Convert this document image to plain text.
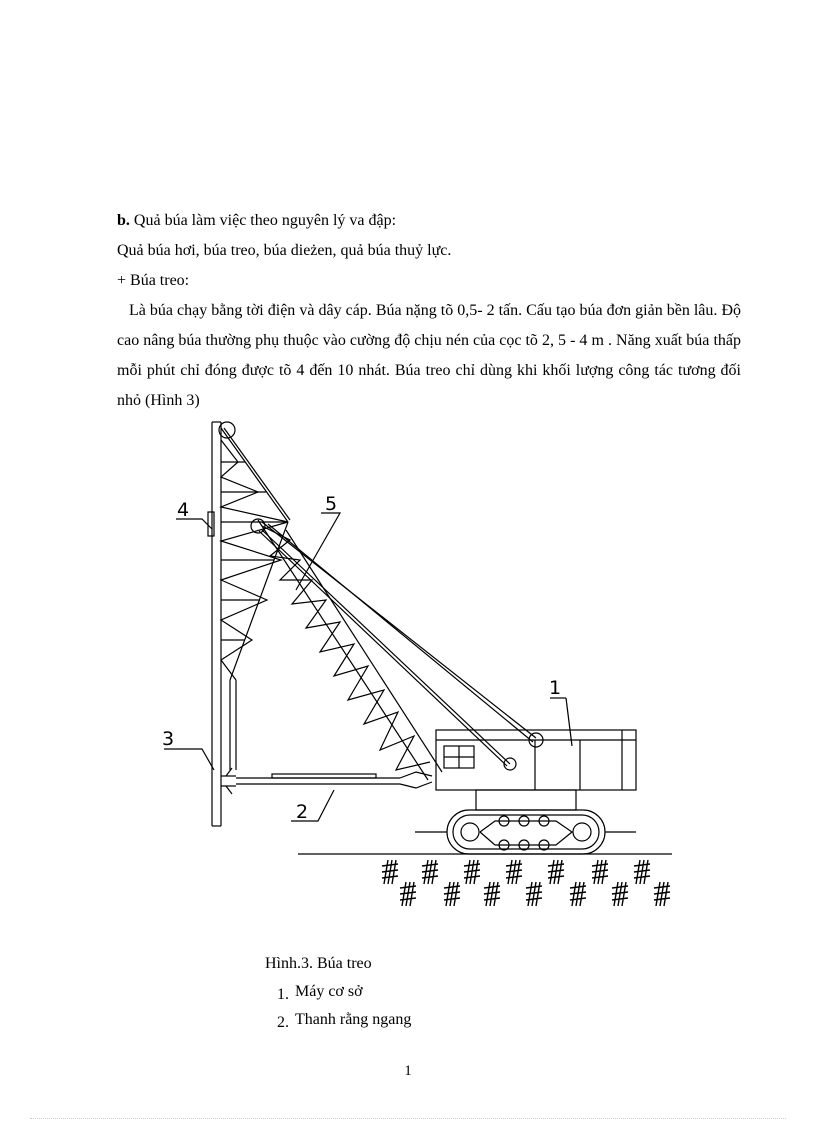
b. Quả búa làm việc theo nguyên lý va đập:

Quả búa hơi, búa treo, búa dieżen, quả búa thuỷ lực.

+ Búa treo:

Là búa chạy bằng tời điện và dây cáp. Búa nặng tõ 0,5- 2 tấn. Cấu tạo búa đơn giản bền lâu. Độ cao nâng búa thường phụ thuộc vào cường độ chịu nén của cọc tõ 2, 5 - 4 m . Năng xuất búa thấp mỗi phút chỉ đóng được tõ 4 đến 10 nhát. Búa treo chỉ dùng khi khối lượng công tác tương đối nhỏ (Hình 3)

4	5
1
3
2
Hình.3. Búa treo
1. Máy cơ sở
2. Thanh rằng ngang
1
